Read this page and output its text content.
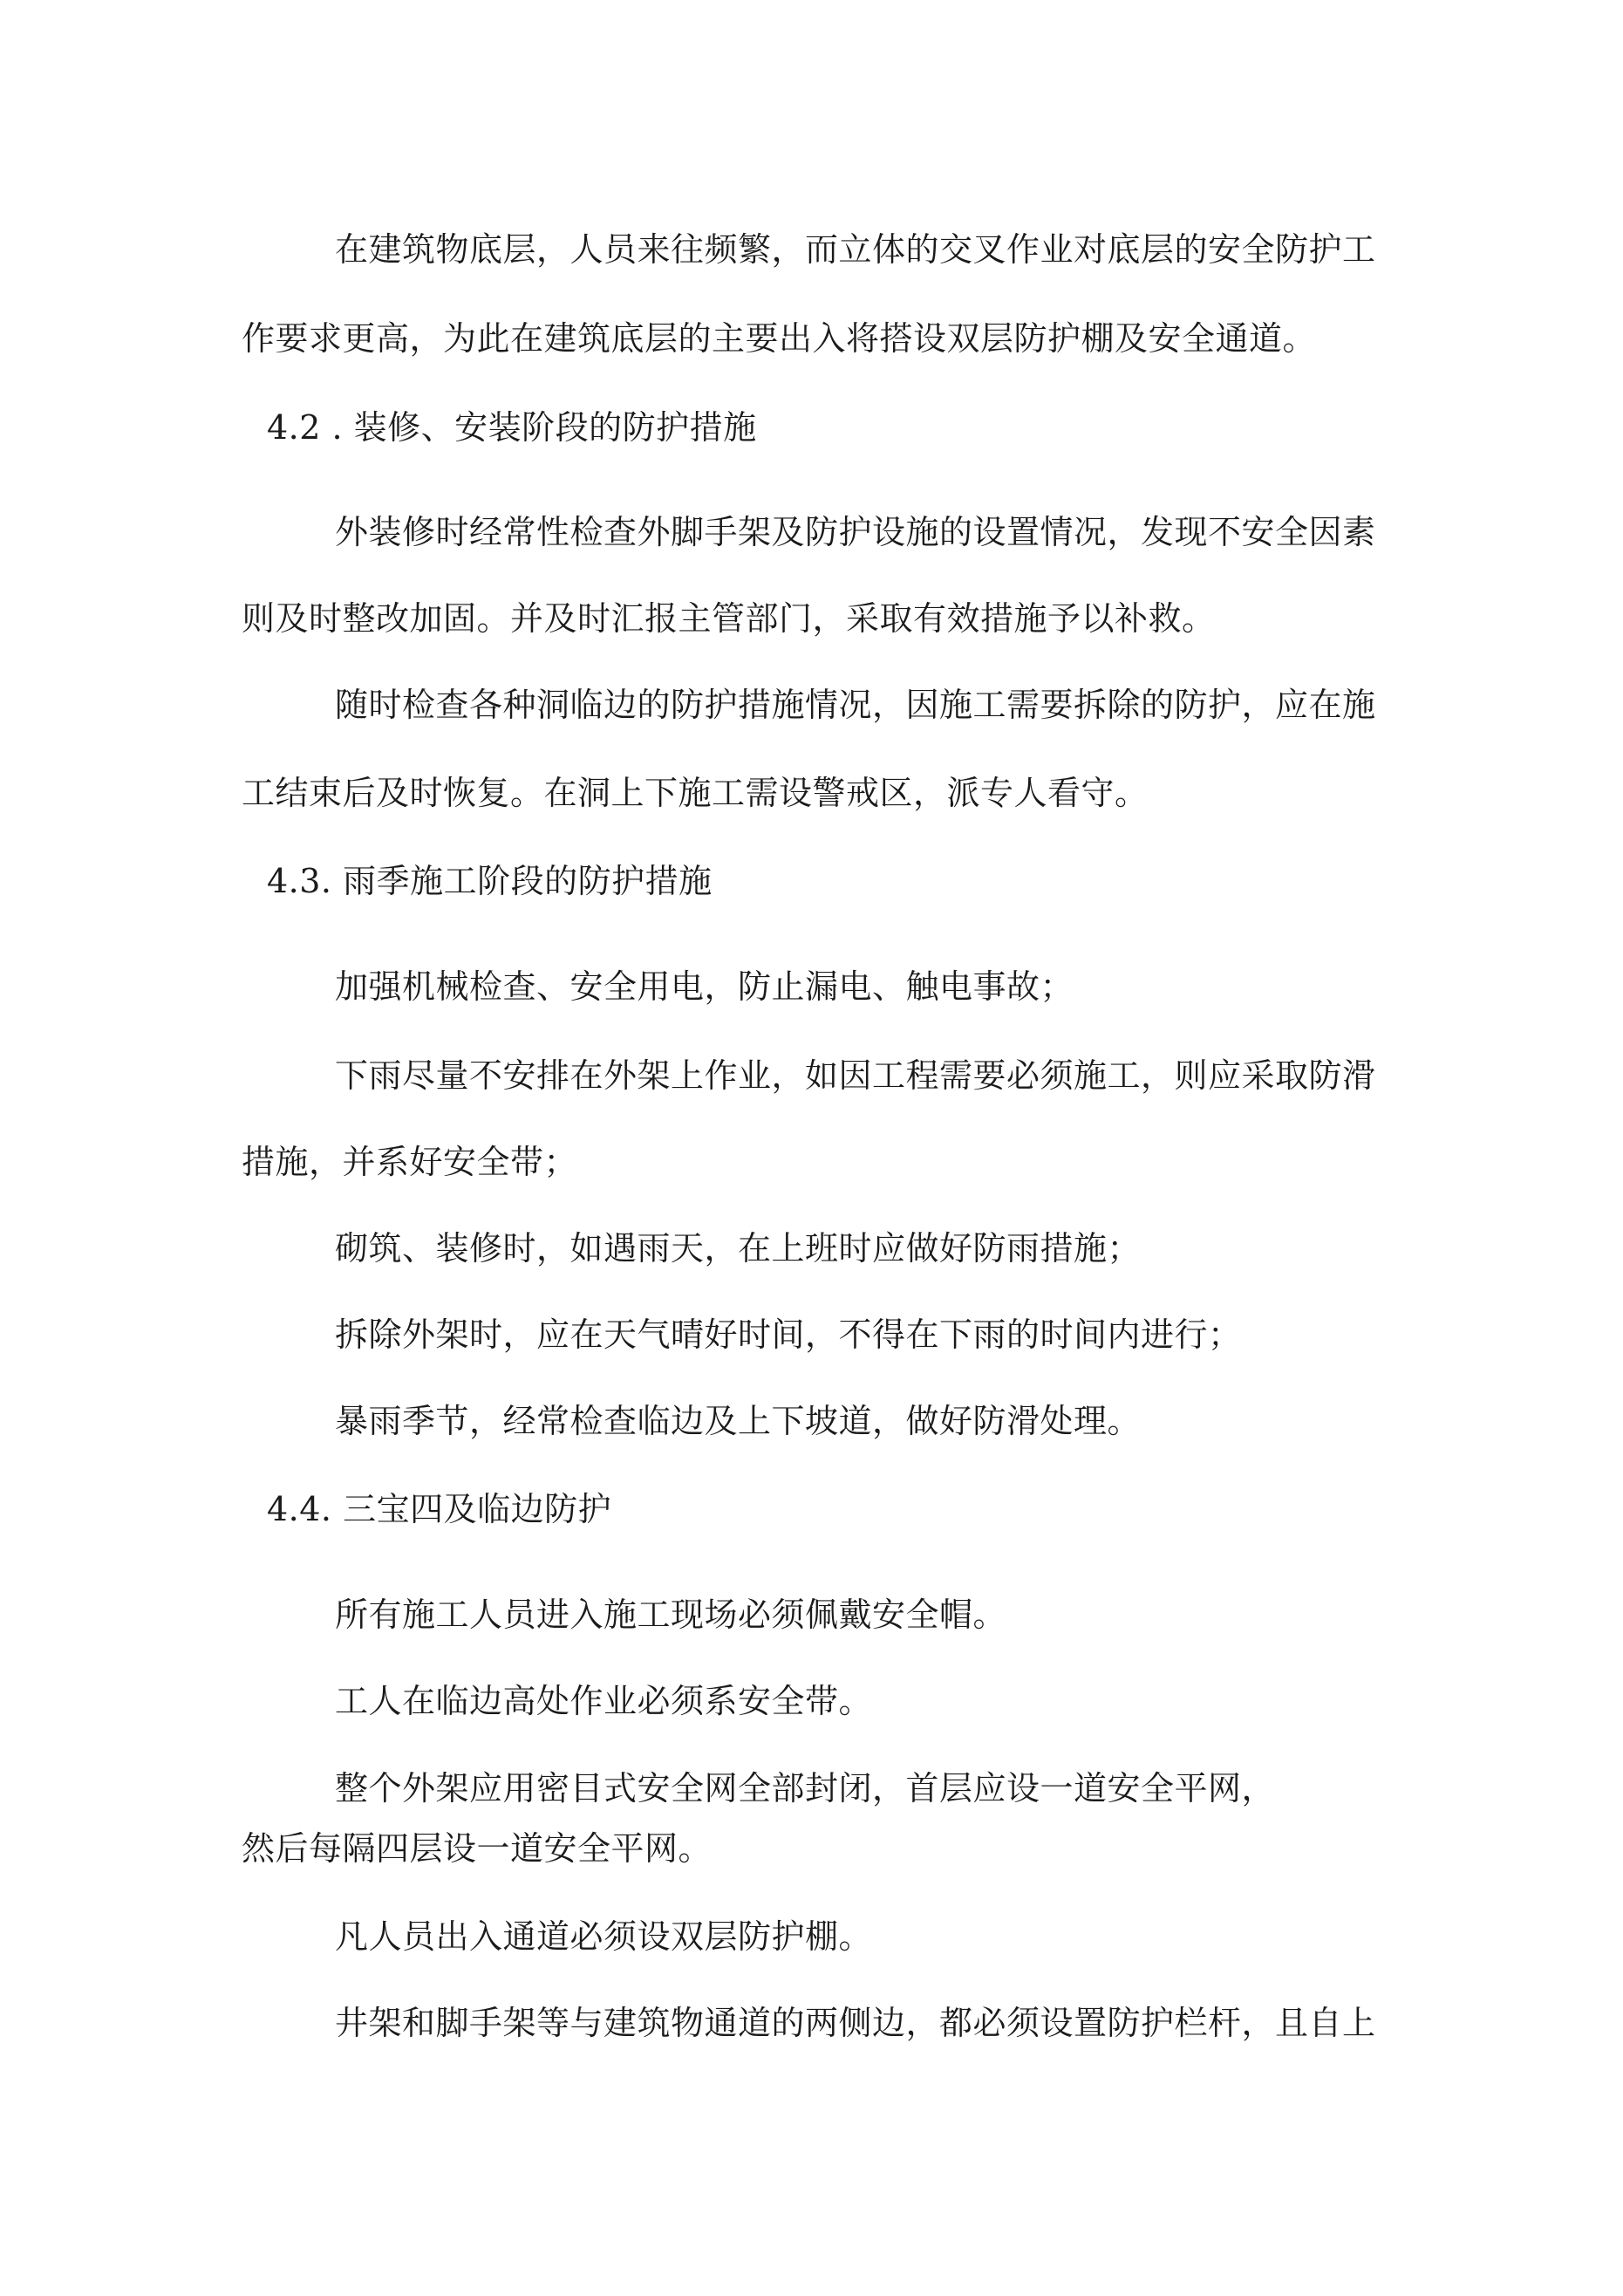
在建筑物底层，人员来往频繁，而立体的交叉作业对底层的安全防护工
作要求更高，为此在建筑底层的主要出入将搭设双层防护棚及安全通道。
4.2 . 装修、安装阶段的防护措施
外装修时经常性检查外脚手架及防护设施的设置情况，发现不安全因素
则及时整改加固。并及时汇报主管部门，采取有效措施予以补救。
随时检查各种洞临边的防护措施情况，因施工需要拆除的防护，应在施
工结束后及时恢复。在洞上下施工需设警戒区，派专人看守。
4.3. 雨季施工阶段的防护措施
加强机械检查、安全用电，防止漏电、触电事故；
下雨尽量不安排在外架上作业，如因工程需要必须施工，则应采取防滑
措施，并系好安全带；
砌筑、装修时，如遇雨天，在上班时应做好防雨措施；
拆除外架时，应在天气晴好时间，不得在下雨的时间内进行；
暴雨季节，经常检查临边及上下坡道，做好防滑处理。
4.4. 三宝四及临边防护
所有施工人员进入施工现场必须佩戴安全帽。
工人在临边高处作业必须系安全带。
整个外架应用密目式安全网全部封闭，首层应设一道安全平网，
然后每隔四层设一道安全平网。
凡人员出入通道必须设双层防护棚。
井架和脚手架等与建筑物通道的两侧边，都必须设置防护栏杆，且自上
